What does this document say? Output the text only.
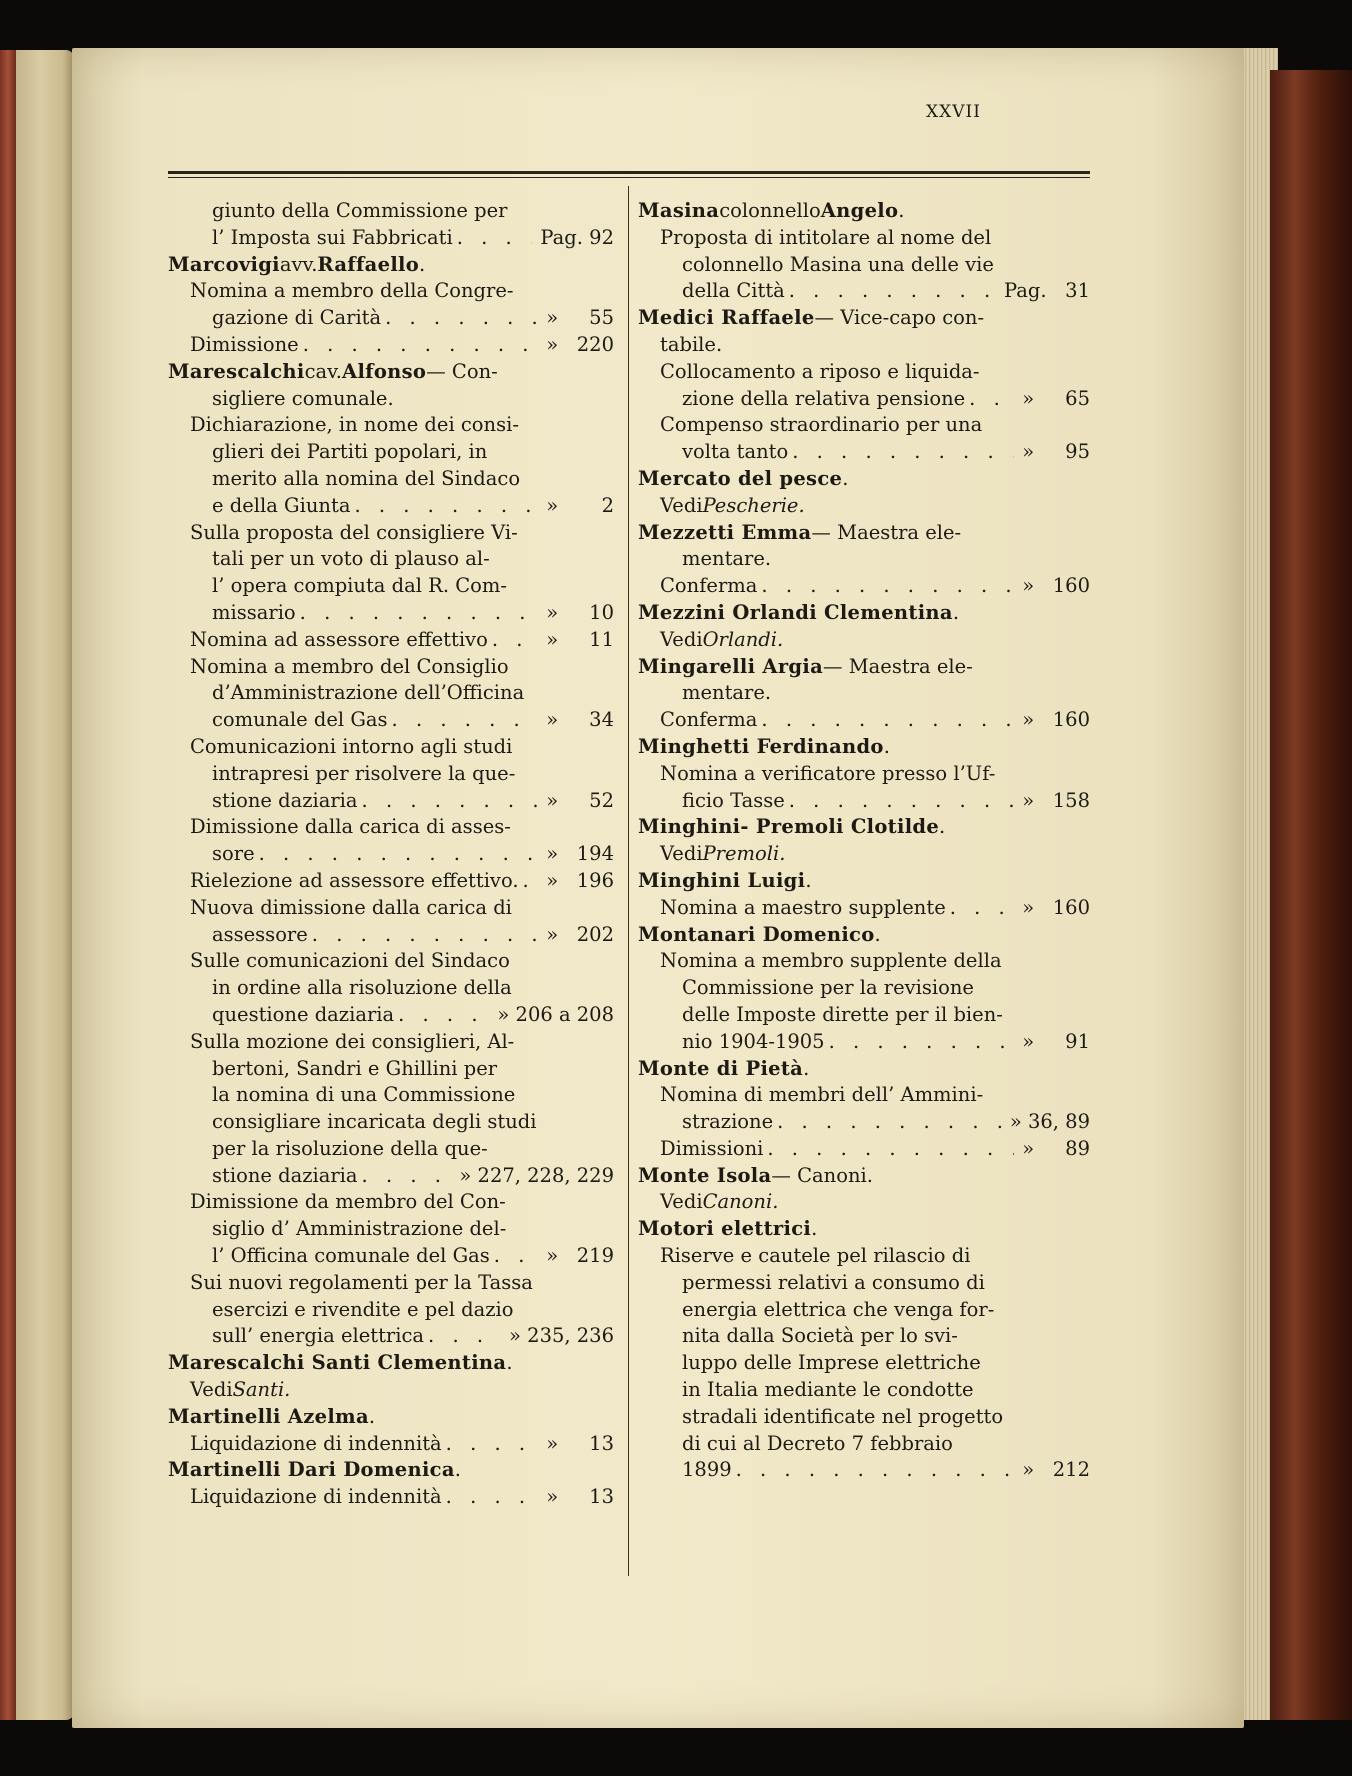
XXVII
giunto della Commissione per
l’ Imposta sui Fabbricati . . .	Pag. 92
Marcovigi avv. Raffaello .
Nomina a membro della Congre-
gazione di Carità . . .	»     55
Dimissione . . .	»   220
Marescalchi cav. Alfonso — Con-
sigliere comunale.
Dichiarazione, in nome dei consi-
glieri dei Partiti popolari, in
merito alla nomina del Sindaco
e della Giunta . . .	»       2
Sulla proposta del consigliere Vi-
tali per un voto di plauso al-
l’ opera compiuta dal R. Com-
missario . . .	»     10
Nomina ad assessore effettivo . . .	»     11
Nomina a membro del Consiglio
d’Amministrazione dell’Officina
comunale del Gas . . .	»     34
Comunicazioni intorno agli studi
intrapresi per risolvere la que-
stione daziaria . . .	»     52
Dimissione dalla carica di asses-
sore . . .	»   194
Rielezione ad assessore effettivo. . . .	»   196
Nuova dimissione dalla carica di
assessore . . .	»   202
Sulle comunicazioni del Sindaco
in ordine alla risoluzione della
questione daziaria . . .	» 206 a 208
Sulla mozione dei consiglieri, Al-
bertoni, Sandri e Ghillini per
la nomina di una Commissione
consigliare incaricata degli studi
per la risoluzione della que-
stione daziaria . . .	» 227, 228, 229
Dimissione da membro del Con-
siglio d’ Amministrazione del-
l’ Officina comunale del Gas . . .	»   219
Sui nuovi regolamenti per la Tassa
esercizi e rivendite e pel dazio
sull’ energia elettrica . . .	» 235, 236
Marescalchi Santi Clementina .
Vedi Santi.
Martinelli Azelma .
Liquidazione di indennità . . .	»     13
Martinelli Dari Domenica .
Liquidazione di indennità . . .	»     13
Masina colonnello Angelo .
Proposta di intitolare al nome del
colonnello Masina una delle vie
della Città . . .	Pag.   31
Medici Raffaele — Vice-capo con-
tabile.
Collocamento a riposo e liquida-
zione della relativa pensione . . .	»     65
Compenso straordinario per una
volta tanto . . .	»     95
Mercato del pesce .
Vedi Pescherie.
Mezzetti Emma — Maestra ele-
mentare.
Conferma . . .	»   160
Mezzini Orlandi Clementina .
Vedi Orlandi.
Mingarelli Argia — Maestra ele-
mentare.
Conferma . . .	»   160
Minghetti Ferdinando .
Nomina a verificatore presso l’Uf-
ficio Tasse . . .	»   158
Minghini- Premoli Clotilde .
Vedi Premoli.
Minghini Luigi .
Nomina a maestro supplente . . .	»   160
Montanari Domenico .
Nomina a membro supplente della
Commissione per la revisione
delle Imposte dirette per il bien-
nio 1904-1905 . . .	»     91
Monte di Pietà .
Nomina di membri dell’ Ammini-
strazione . . .	» 36, 89
Dimissioni . . .	»     89
Monte Isola — Canoni.
Vedi Canoni.
Motori elettrici .
Riserve e cautele pel rilascio di
permessi relativi a consumo di
energia elettrica che venga for-
nita dalla Società per lo svi-
luppo delle Imprese elettriche
in Italia mediante le condotte
stradali identificate nel progetto
di cui al Decreto 7 febbraio
1899 . . .	»   212
